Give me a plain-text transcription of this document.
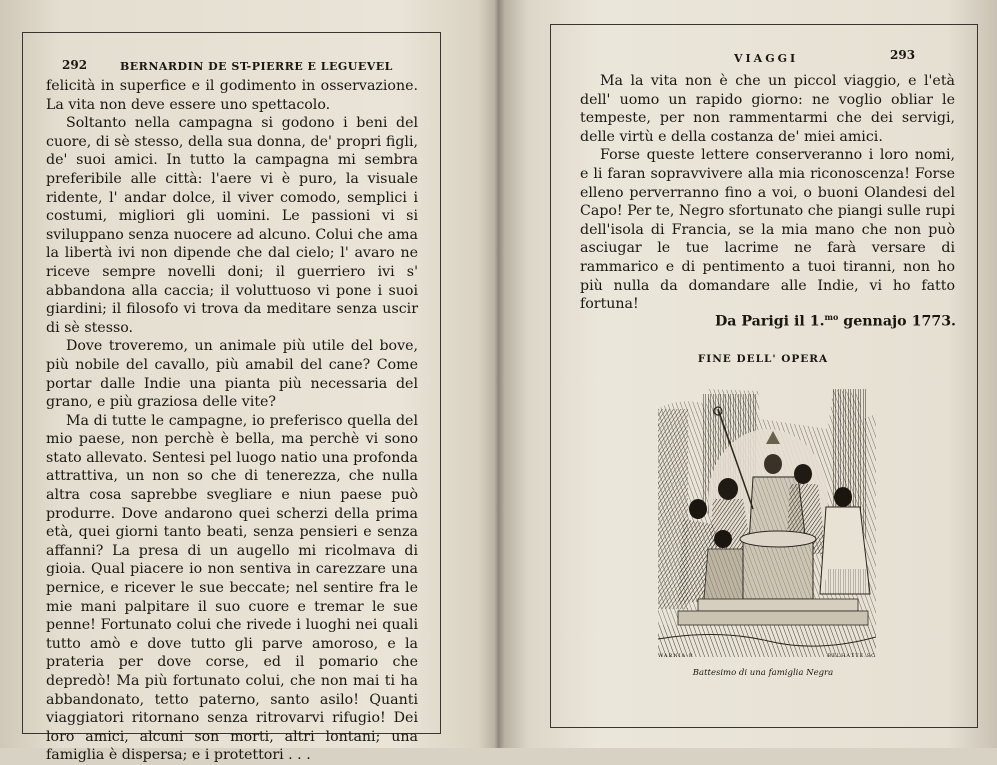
292	BERNARDIN DE ST-PIERRE E LEGUEVEL

felicità in superfice e il godimento in osservazione. La vita non deve essere uno spettacolo.

Soltanto nella campagna si godono i beni del cuore, di sè stesso, della sua donna, de' propri figli, de' suoi amici. In tutto la campagna mi sembra preferibile alle città: l'aere vi è puro, la visuale ridente, l' andar dolce, il viver comodo, semplici i costumi, migliori gli uomini. Le passioni vi si sviluppano senza nuocere ad alcuno. Colui che ama la libertà ivi non dipende che dal cielo; l' avaro ne riceve sempre novelli doni; il guerriero ivi s' abbandona alla caccia; il voluttuoso vi pone i suoi giardini; il filosofo vi trova da meditare senza uscir di sè stesso.

Dove troveremo, un animale più utile del bove, più nobile del cavallo, più amabil del cane? Come portar dalle Indie una pianta più necessaria del grano, e più graziosa delle vite?

Ma di tutte le campagne, io preferisco quella del mio paese, non perchè è bella, ma perchè vi sono stato allevato. Sentesi pel luogo natio una profonda attrattiva, un non so che di tenerezza, che nulla altra cosa saprebbe svegliare e niun paese può produrre. Dove andarono quei scherzi della prima età, quei giorni tanto beati, senza pensieri e senza affanni? La presa di un augello mi ricolmava di gioia. Qual piacere io non sentiva in carezzare una pernice, e ricever le sue beccate; nel sentire fra le mie mani palpitare il suo cuore e tremar le sue penne! Fortunato colui che rivede i luoghi nei quali tutto amò e dove tutto gli parve amoroso, e la prateria per dove corse, ed il pomario che depredò! Ma più fortunato colui, che non mai ti ha abbandonato, tetto paterno, santo asilo! Quanti viaggiatori ritornano senza ritrovarvi rifugio! Dei loro amici, alcuni son morti, altri lontani; una famiglia è dispersa; e i protettori . . .

VIAGGI	293

Ma la vita non è che un piccol viaggio, e l'età dell' uomo un rapido giorno: ne voglio obliar le tempeste, per non rammentarmi che dei servigi, delle virtù e della costanza de' miei amici.

Forse queste lettere conserveranno i loro nomi, e li faran sopravvivere alla mia riconoscenza! Forse elleno perverranno fino a voi, o buoni Olandesi del Capo! Per te, Negro sfortunato che piangi sulle rupi dell'isola di Francia, se la mia mano che non può asciugar le tue lacrime ne farà versare di rammarico e di pentimento a tuoi tiranni, non ho più nulla da domandare alle Indie, vi ho fatto fortuna!

Da Parigi il 1.$^{mo}$ gennajo 1773.
FINE DELL' OPERA
WARNIA-R	BELHATTE.SC
Battesimo di una famiglia Negra
